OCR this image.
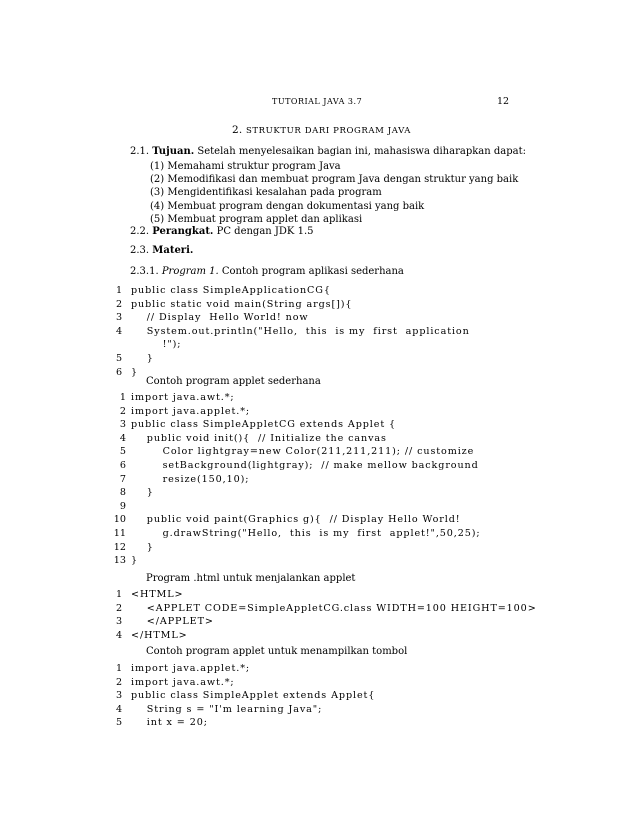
TUTORIAL JAVA 3.7	12
2. STRUKTUR DARI PROGRAM JAVA
2.1. Tujuan. Setelah menyelesaikan bagian ini, mahasiswa diharapkan dapat:
(1) Memahami struktur program Java
(2) Memodifikasi dan membuat program Java dengan struktur yang baik
(3) Mengidentifikasi kesalahan pada program
(4) Membuat program dengan dokumentasi yang baik
(5) Membuat program applet dan aplikasi
2.2. Perangkat. PC dengan JDK 1.5
2.3. Materi.
2.3.1. Program 1. Contoh program aplikasi sederhana
1 public class SimpleApplicationCG{
2 public static void main(String args[]){
3 // Display  Hello World! now
4 System.out.println("Hello,  this  is my  first  application
!");
5 }
6 }
Contoh program applet sederhana
1 import java.awt.*;
2 import java.applet.*;
3 public class SimpleAppletCG extends Applet {
4 public void init(){  // Initialize the canvas
5 Color lightgray=new Color(211,211,211); // customize
6 setBackground(lightgray);  // make mellow background
7 resize(150,10);
8 }
9
10 public void paint(Graphics g){  // Display Hello World!
11 g.drawString("Hello,  this  is my  first  applet!",50,25);
12 }
13 }
Program .html untuk menjalankan applet
1 <HTML>
2 <APPLET CODE=SimpleAppletCG.class WIDTH=100 HEIGHT=100>
3 </APPLET>
4 </HTML>
Contoh program applet untuk menampilkan tombol
1 import java.applet.*;
2 import java.awt.*;
3 public class SimpleApplet extends Applet{
4 String s = "I'm learning Java";
5 int x = 20;
